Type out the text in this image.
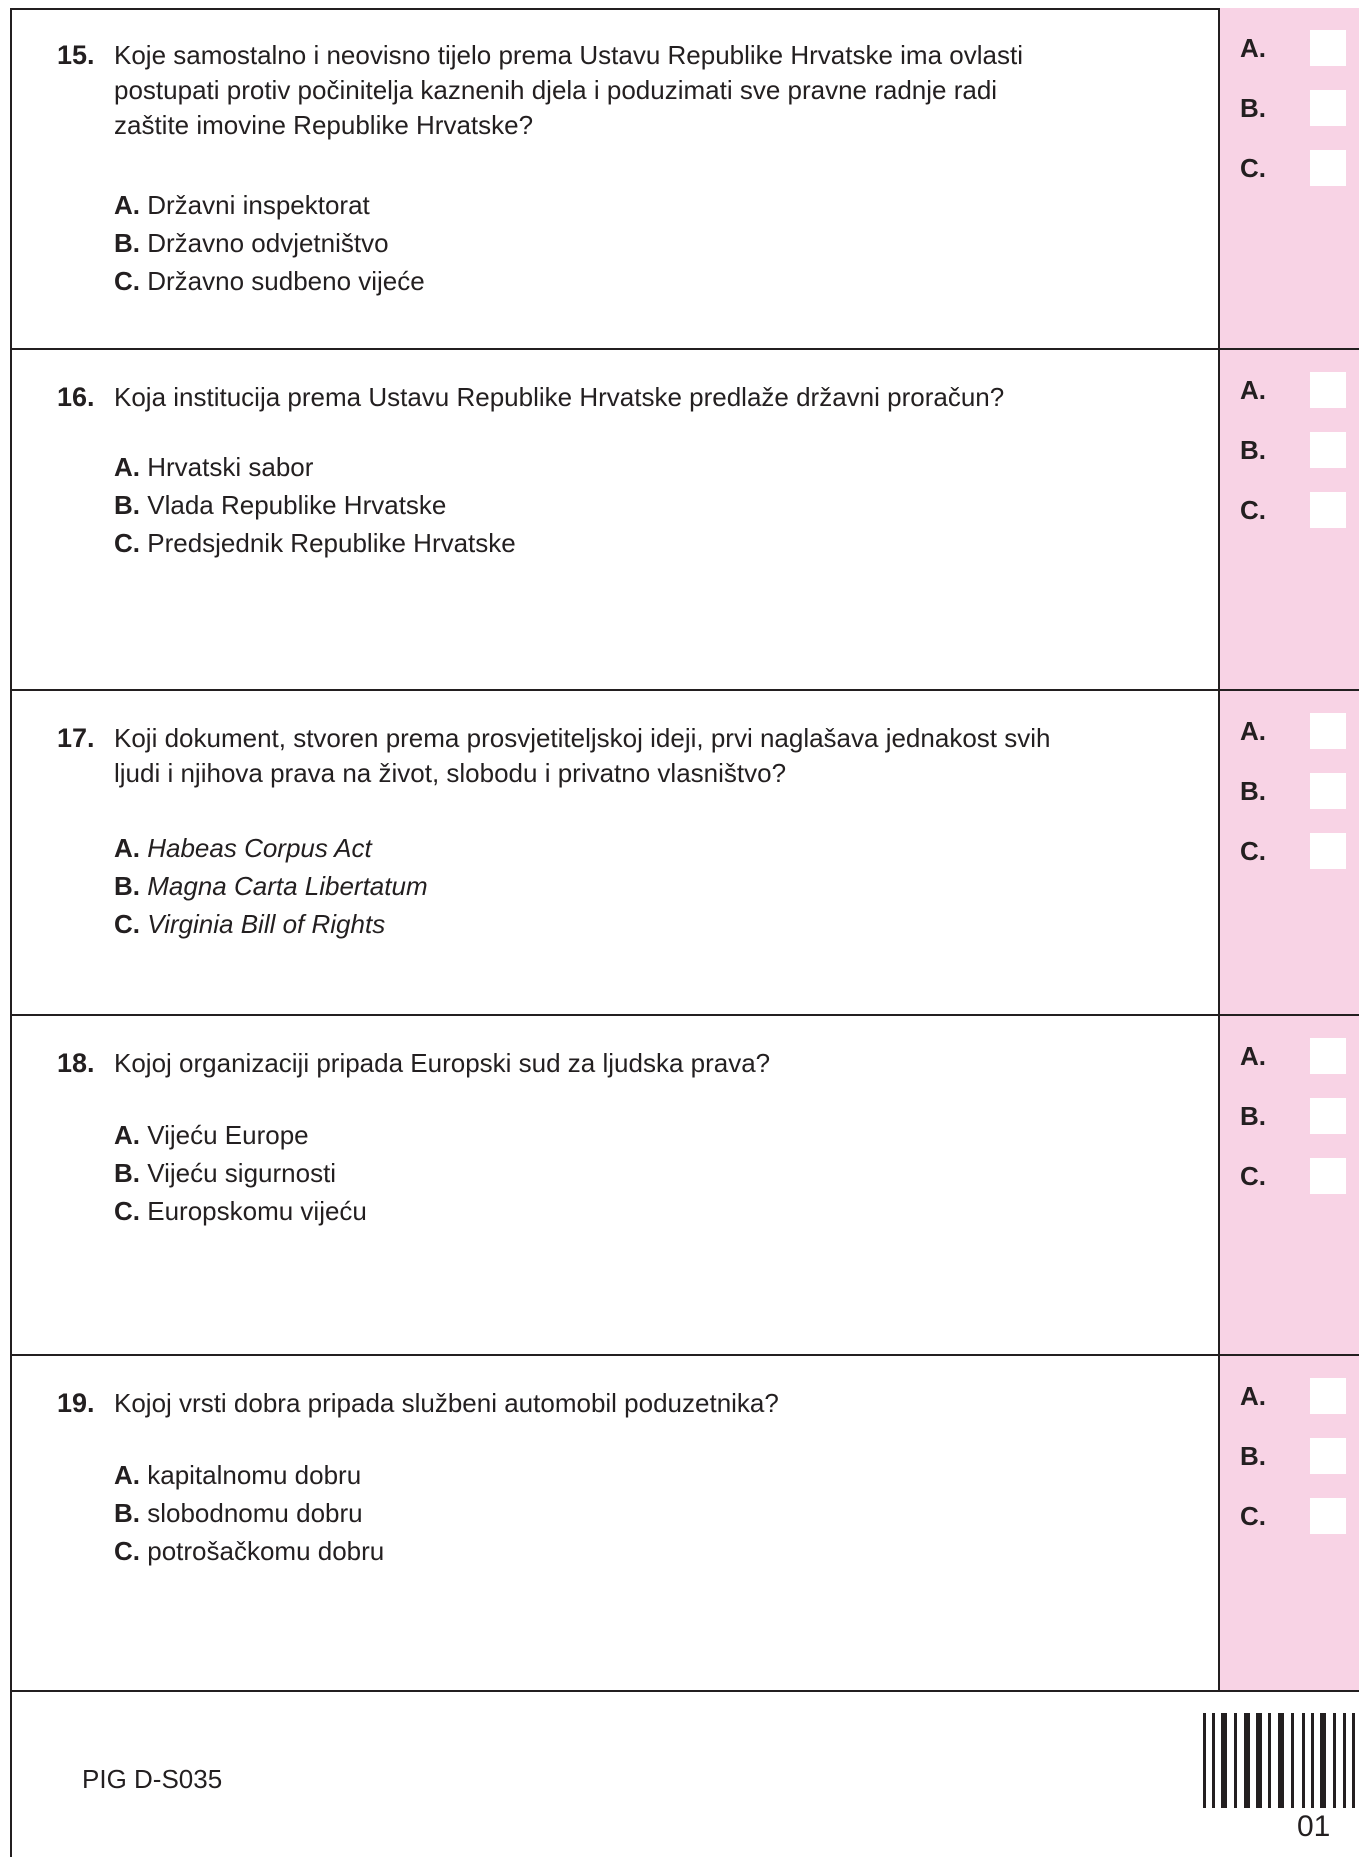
15. Koje samostalno i neovisno tijelo prema Ustavu Republike Hrvatske ima ovlasti
postupati protiv počinitelja kaznenih djela i poduzimati sve pravne radnje radi
zaštite imovine Republike Hrvatske?
A. Državni inspektorat
B. Državno odvjetništvo
C. Državno sudbeno vijeće
A.
B.
C.
16. Koja institucija prema Ustavu Republike Hrvatske predlaže državni proračun?
A. Hrvatski sabor
B. Vlada Republike Hrvatske
C. Predsjednik Republike Hrvatske
A.
B.
C.
17. Koji dokument, stvoren prema prosvjetiteljskoj ideji, prvi naglašava jednakost svih
ljudi i njihova prava na život, slobodu i privatno vlasništvo?
A. Habeas Corpus Act
B. Magna Carta Libertatum
C. Virginia Bill of Rights
A.
B.
C.
18. Kojoj organizaciji pripada Europski sud za ljudska prava?
A. Vijeću Europe
B. Vijeću sigurnosti
C. Europskomu vijeću
A.
B.
C.
19. Kojoj vrsti dobra pripada službeni automobil poduzetnika?
A. kapitalnomu dobru
B. slobodnomu dobru
C. potrošačkomu dobru
A.
B.
C.
PIG D-S035
01
